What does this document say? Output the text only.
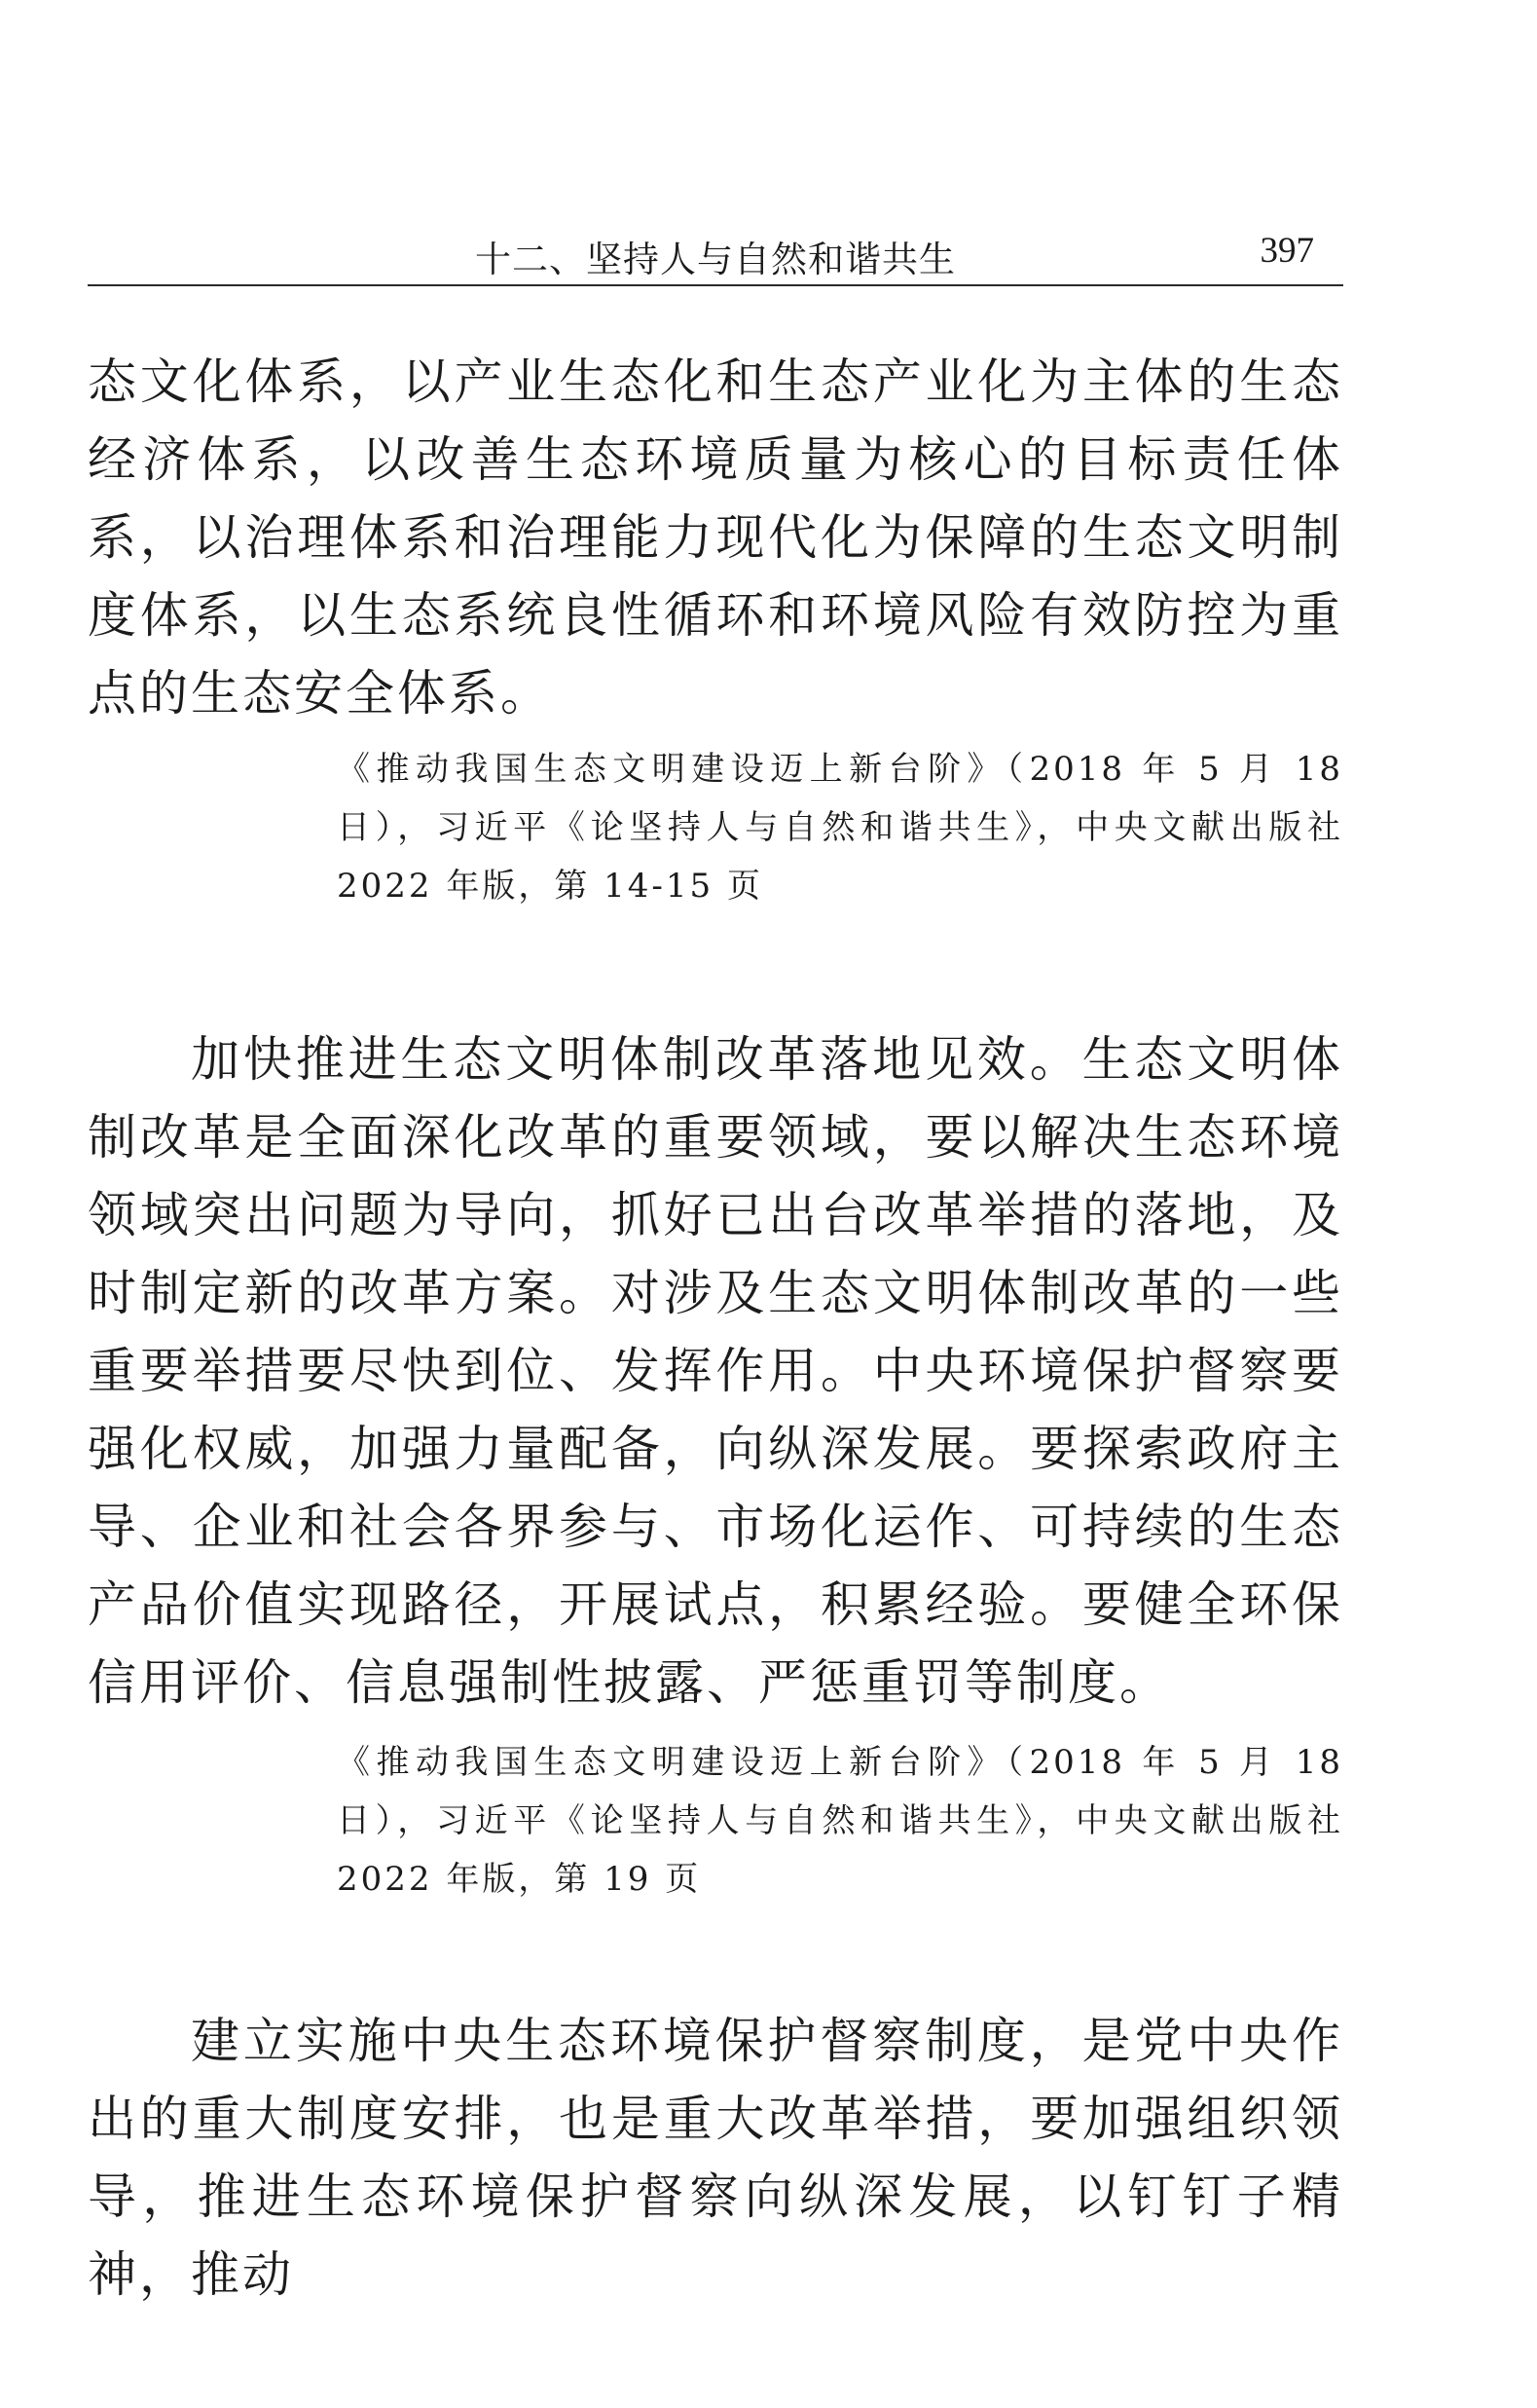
十二、坚持人与自然和谐共生	397

态文化体系，以产业生态化和生态产业化为主体的生态经济体系，以改善生态环境质量为核心的目标责任体系，以治理体系和治理能力现代化为保障的生态文明制度体系，以生态系统良性循环和环境风险有效防控为重点的生态安全体系。

《推动我国生态文明建设迈上新台阶》（2018 年 5 月 18 日），习近平《论坚持人与自然和谐共生》，中央文献出版社 2022 年版，第 14-15 页

加快推进生态文明体制改革落地见效。生态文明体制改革是全面深化改革的重要领域，要以解决生态环境领域突出问题为导向，抓好已出台改革举措的落地，及时制定新的改革方案。对涉及生态文明体制改革的一些重要举措要尽快到位、发挥作用。中央环境保护督察要强化权威，加强力量配备，向纵深发展。要探索政府主导、企业和社会各界参与、市场化运作、可持续的生态产品价值实现路径，开展试点，积累经验。要健全环保信用评价、信息强制性披露、严惩重罚等制度。

《推动我国生态文明建设迈上新台阶》（2018 年 5 月 18 日），习近平《论坚持人与自然和谐共生》，中央文献出版社 2022 年版，第 19 页

建立实施中央生态环境保护督察制度，是党中央作出的重大制度安排，也是重大改革举措，要加强组织领导，推进生态环境保护督察向纵深发展，以钉钉子精神，推动
